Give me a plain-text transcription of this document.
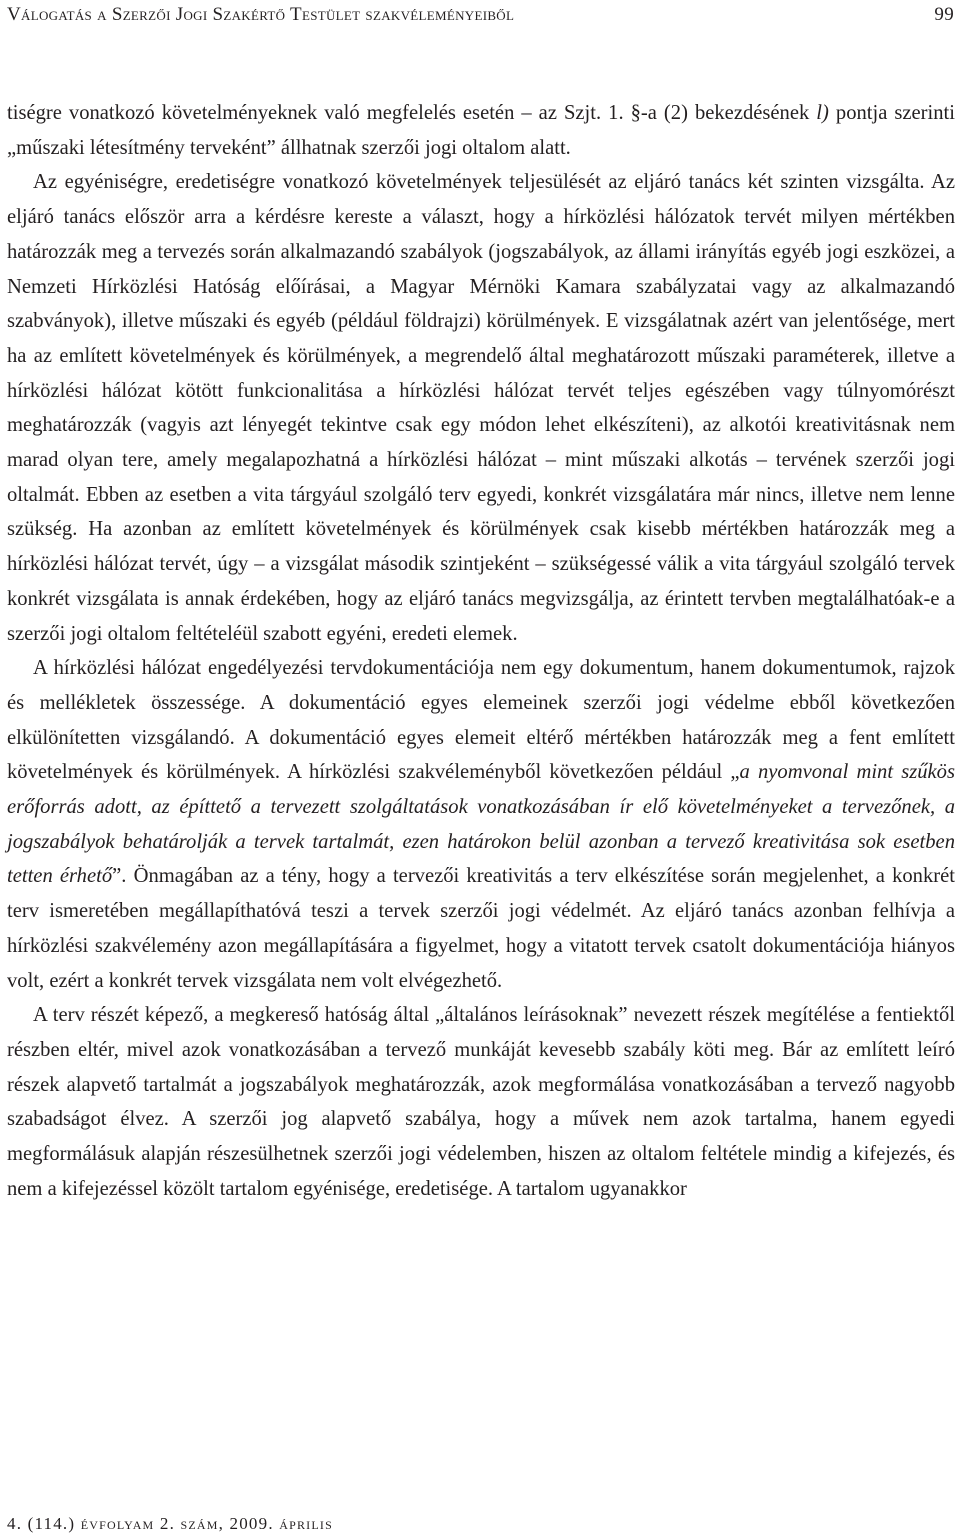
Válogatás a Szerzői Jogi Szakértő Testület szakvéleményeiből	99

tiségre vonatkozó követelményeknek való megfelelés esetén – az Szjt. 1. §-a (2) bekezdésének l) pontja szerinti „műszaki létesítmény terveként” állhatnak szerzői jogi oltalom alatt.

Az egyéniségre, eredetiségre vonatkozó követelmények teljesülését az eljáró tanács két szinten vizsgálta. Az eljáró tanács először arra a kérdésre kereste a választ, hogy a hírközlési hálózatok tervét milyen mértékben határozzák meg a tervezés során alkalmazandó szabályok (jogszabályok, az állami irányítás egyéb jogi eszközei, a Nemzeti Hírközlési Hatóság előírásai, a Magyar Mérnöki Kamara szabályzatai vagy az alkalmazandó szabványok), illetve műszaki és egyéb (például földrajzi) körülmények. E vizsgálatnak azért van jelentősége, mert ha az említett követelmények és körülmények, a megrendelő által meghatározott műszaki paraméterek, illetve a hírközlési hálózat kötött funkcionalitása a hírközlési hálózat tervét teljes egészében vagy túlnyomórészt meghatározzák (vagyis azt lényegét tekintve csak egy módon lehet elkészíteni), az alkotói kreativitásnak nem marad olyan tere, amely megalapozhatná a hírközlési hálózat – mint műszaki alkotás – tervének szerzői jogi oltalmát. Ebben az esetben a vita tárgyául szolgáló terv egyedi, konkrét vizsgálatára már nincs, illetve nem lenne szükség. Ha azonban az említett követelmények és körülmények csak kisebb mértékben határozzák meg a hírközlési hálózat tervét, úgy – a vizsgálat második szintjeként – szükségessé válik a vita tárgyául szolgáló tervek konkrét vizsgálata is annak érdekében, hogy az eljáró tanács megvizsgálja, az érintett tervben megtalálhatóak-e a szerzői jogi oltalom feltételéül szabott egyéni, eredeti elemek.

A hírközlési hálózat engedélyezési tervdokumentációja nem egy dokumentum, hanem dokumentumok, rajzok és mellékletek összessége. A dokumentáció egyes elemeinek szerzői jogi védelme ebből következően elkülönítetten vizsgálandó. A dokumentáció egyes elemeit eltérő mértékben határozzák meg a fent említett követelmények és körülmények. A hírközlési szakvéleményből következően például „a nyomvonal mint szűkös erőforrás adott, az építtető a tervezett szolgáltatások vonatkozásában ír elő követelményeket a tervezőnek, a jogszabályok behatárolják a tervek tartalmát, ezen határokon belül azonban a tervező kreativitása sok esetben tetten érhető”. Önmagában az a tény, hogy a tervezői kreativitás a terv elkészítése során megjelenhet, a konkrét terv ismeretében megállapíthatóvá teszi a tervek szerzői jogi védelmét. Az eljáró tanács azonban felhívja a hírközlési szakvélemény azon megállapítására a figyelmet, hogy a vitatott tervek csatolt dokumentációja hiányos volt, ezért a konkrét tervek vizsgálata nem volt elvégezhető.

A terv részét képező, a megkereső hatóság által „általános leírásoknak” nevezett részek megítélése a fentiektől részben eltér, mivel azok vonatkozásában a tervező munkáját kevesebb szabály köti meg. Bár az említett leíró részek alapvető tartalmát a jogszabályok meghatározzák, azok megformálása vonatkozásában a tervező nagyobb szabadságot élvez. A szerzői jog alapvető szabálya, hogy a művek nem azok tartalma, hanem egyedi megformálásuk alapján részesülhetnek szerzői jogi védelemben, hiszen az oltalom feltétele mindig a kifejezés, és nem a kifejezéssel közölt tartalom egyénisége, eredetisége. A tartalom ugyanakkor

4. (114.) évfolyam 2. szám, 2009. április
